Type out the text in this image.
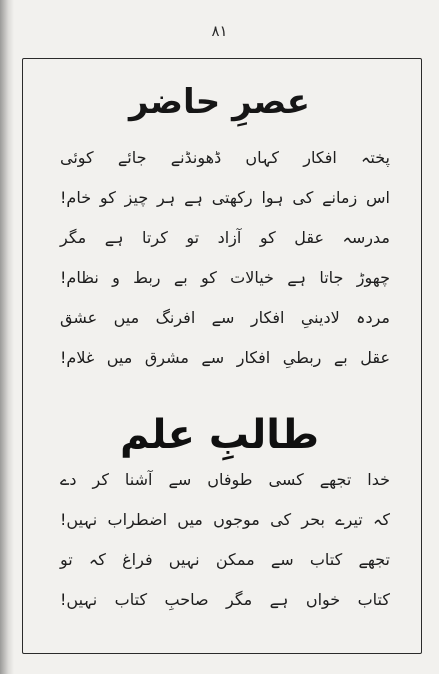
۸۱
عصرِ حاضر
پختہ افکار کہاں ڈھونڈنے جائے کوئی
اس زمانے کی ہوا رکھتی ہے ہر چیز کو خام!
مدرسہ عقل کو آزاد تو کرتا ہے مگر
چھوڑ جاتا ہے خیالات کو بے ربط و نظام!
مردہ لادینیِ افکار سے افرنگ میں عشق
عقل بے ربطیِ افکار سے مشرق میں غلام!
طالبِ علم
خدا تجھے کسی طوفاں سے آشنا کر دے
کہ تیرے بحر کی موجوں میں اضطراب نہیں!
تجھے کتاب سے ممکن نہیں فراغ کہ تو
کتاب خواں ہے مگر صاحبِ کتاب نہیں!
